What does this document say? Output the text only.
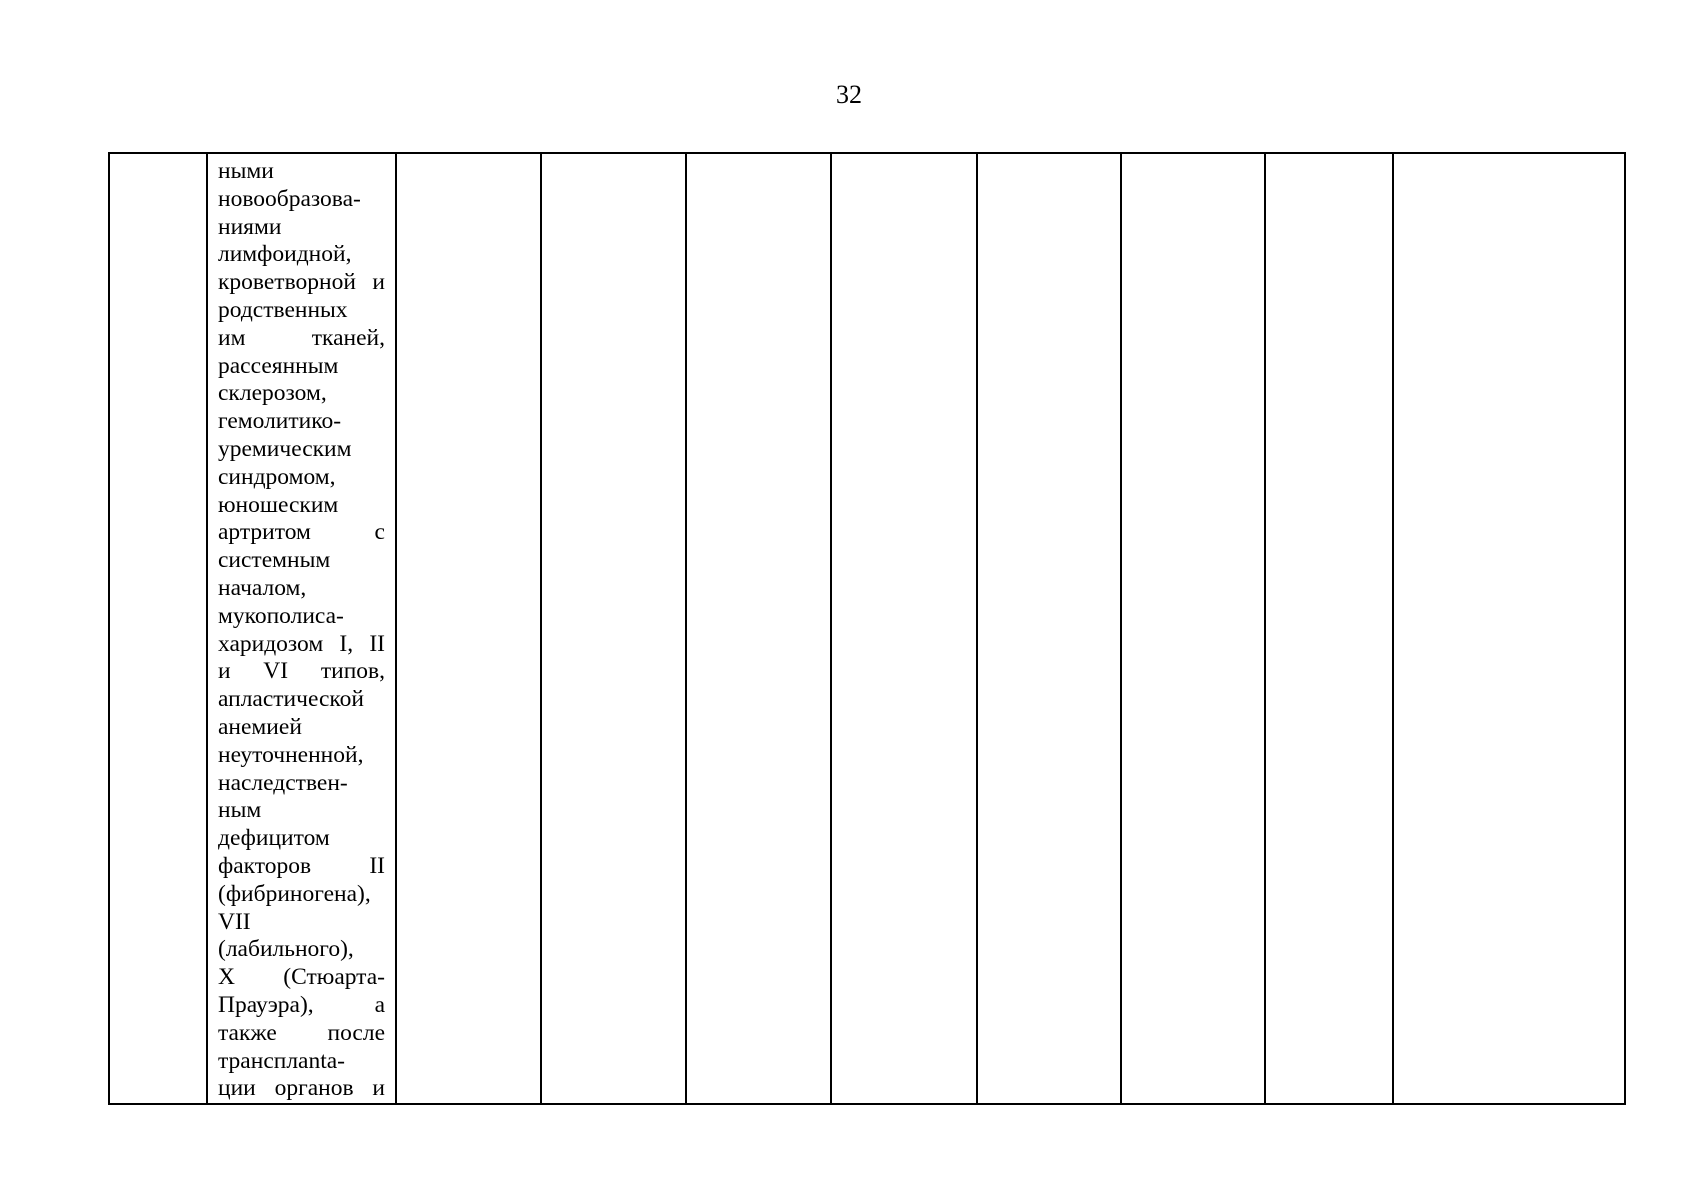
32

ными
новообразова-
ниями
лимфоидной,
кроветворной и
родственных
им тканей,
рассеянным
склерозом,
гемолитико-
уремическим
синдромом,
юношеским
артритом с
системным
началом,
мукополиса-
харидозом I, II
и VI типов,
апластической
анемией
неуточненной,
наследствен-
ным
дефицитом
факторов II
(фибриногена),
VII
(лабильного),
X (Стюарта-
Прауэра), а
также после
трансплanta-
ции органов и
